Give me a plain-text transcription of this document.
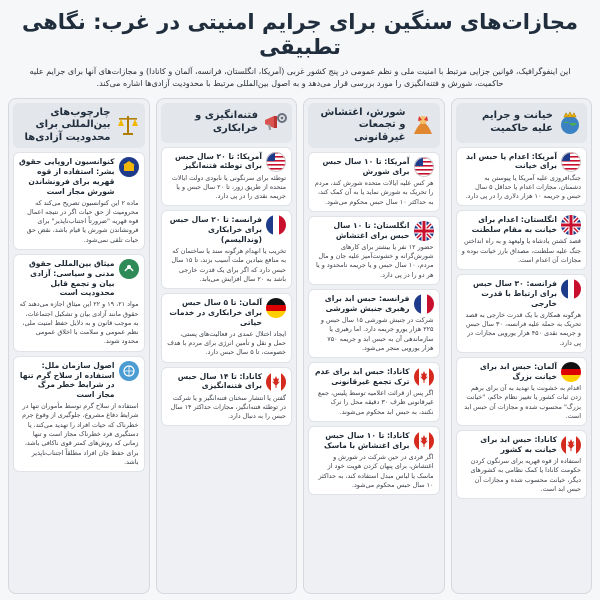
مجازات‌های سنگین برای جرایم امنیتی در غرب: نگاهی تطبیقی

این اینفوگرافیک، قوانین جزایی مرتبط با امنیت ملی و نظم عمومی در پنج کشور غربی (آمریکا، انگلستان، فرانسه، آلمان و کانادا) و مجازات‌های آنها برای جرایم علیه حاکمیت، شورش و فتنه‌انگیزی را مورد بررسی قرار می‌دهد و به اصول بین‌المللی مرتبط با محدودیت آزادی‌ها اشاره می‌کند.

خیانت و جرایم علیه حاکمیت
آمریکا: اعدام یا حبس ابد برای خیانت

جنگ‌افروزی علیه آمریکا یا پیوستن به دشمنان، مجازات اعدام یا حداقل ۵ سال حبس و جریمه ۱۰ هزار دلاری را در پی دارد.

انگلستان: اعدام برای خیانت به مقام سلطنت

قصد کشتن یادشاه یا ولیعهد و به راه انداختن جنگ علیه سلطنت، مصداق بارز خیانت بوده و مجازات آن اعدام است.

فرانسه: ۳۰ سال حبس برای ارتباط با قدرت خارجی

هرگونه همکاری با یک قدرت خارجی به قصد تحریک به حمله علیه فرانسه، ۳۰ سال حبس و جریمه نقدی ۴۵۰ هزار یورویی مجازات در پی دارد.

آلمان: حبس ابد برای خیانت بزرگ

اقدام به خشونت یا تهدید به آن برای برهم زدن ثبات کشور یا تغییر نظام حاکم، "خیانت بزرگ" محسوب شده و مجازات آن حبس ابد است.

کانادا: حبس ابد برای خیانت به کشور

استفاده از قوه قهریه برای سرنگون کردن حکومت کانادا یا کمک نظامی به کشورهای دیگر، خیانت محسوب شده و مجازات آن حبس ابد است.

شورش، اغتشاش و تجمعات غیرقانونی
آمریکا: تا ۱۰ سال حبس برای شورش

هر کس علیه ایالات متحده شورش کند، مردم را تحریک به شورش نماید یا به آن کمک کند، به حداکثر ۱۰ سال حبس محکوم می‌شود.

انگلستان: تا ۱۰ سال حبس برای اغتشاش

حضور ۱۲ نفر یا بیشتر برای کارهای شورش‌گرانه و خشونت‌آمیز علیه جان و مال مردم، ۱۰ سال حبس و یا جریمه نامحدود و یا هر دو را در پی دارد.

فرانسه: حبس ابد برای رهبری جنبش شورشی

شرکت در جنبش شورشی ۱۵ سال حبس و ۲۲۵ هزار یورو جریمه دارد. اما رهبری یا سازماندهی آن به حبس ابد و جریمه ۷۵۰ هزار یورویی منجر می‌شود.

کانادا: حبس ابد برای عدم ترک تجمع غیرقانونی

اگر پس از قرائت اعلامیه توسط پلیس، جمع غیرقانونی ظرف ۳۰ دقیقه محل را ترک نکنند، به حبس ابد محکوم می‌شوند.

کانادا: تا ۱۰ سال حبس برای اغتشاش با ماسک

اگر فردی در حین شرکت در شورش و اغتشاش، برای پنهان کردن هویت خود از ماسک یا لباس مبدل استفاده کند، به حداکثر ۱۰ سال حبس محکوم می‌شود.

فتنه‌انگیزی و خرابکاری
آمریکا: تا ۲۰ سال حبس برای توطئه فتنه‌انگیز

توطئه برای سرنگونی یا نابودی دولت ایالات متحده از طریق زور، تا ۲۰ سال حبس و یا جریمه نقدی را در پی دارد.

فرانسه: تا ۲۰ سال حبس برای خرابکاری (وندالیسم)

تخریب یا انهدام هرگونه سند یا ساختمان که به منافع بنیادین ملت آسیب بزند، تا ۱۵ سال حبس دارد که اگر برای یک قدرت خارجی باشد به ۲۰ سال افزایش می‌یابد.

آلمان: تا ۵ سال حبس برای خرابکاری در خدمات حیاتی

ایجاد اختلال عمدی در فعالیت‌های پستی، حمل و نقل و تأمین انرژی برای مردم با هدف خصومت، تا ۵ سال حبس دارد.

کانادا: تا ۱۴ سال حبس برای فتنه‌انگیزی

گفتن یا انتشار سخنان فتنه‌انگیز و یا شرکت در توطئه فتنه‌انگیز، مجازات حداکثر ۱۴ سال حبس را به دنبال دارد.

چارچوب‌های بین‌المللی برای محدودیت آزادی‌ها
کنوانسیون اروپایی حقوق بشر: استفاده از قوه قهریه برای فرونشاندن شورش مجاز است

ماده ۲ این کنوانسیون تصریح می‌کند که محرومیت از حق حیات اگر در نتیجه اعمال قوه قهریه "ضرورتاً اجتناب‌ناپذیر" برای فرونشاندن شورش یا قیام باشد، نقض حق حیات تلقی نمی‌شود.

میثاق بین‌المللی حقوق مدنی و سیاسی: آزادی بیان و تجمع قابل محدودیت است

مواد ۲۱، ۱۹ و ۲۲ این میثاق اجازه می‌دهند که حقوق مانند آزادی بیان و تشکیل اجتماعات، به موجب قانون و به دلایل حفظ امنیت ملی، نظم عمومی و سلامت یا اخلاق عمومی محدود شوند.

اصول سازمان ملل: استفاده از سلاح گرم تنها در شرایط خطر مرگ مجاز است

استفاده از سلاح گرم توسط مأموران تنها در شرایط دفاع مشروع، جلوگیری از وقوع جرم خطرناک که حیات افراد را تهدید می‌کند، یا دستگیری فرد خطرناک مجاز است و تنها زمانی که روش‌های کمتر قوی ناکافی باشد، برای حفظ جان افراد مطلقاً اجتناب‌ناپذیر باشد.
